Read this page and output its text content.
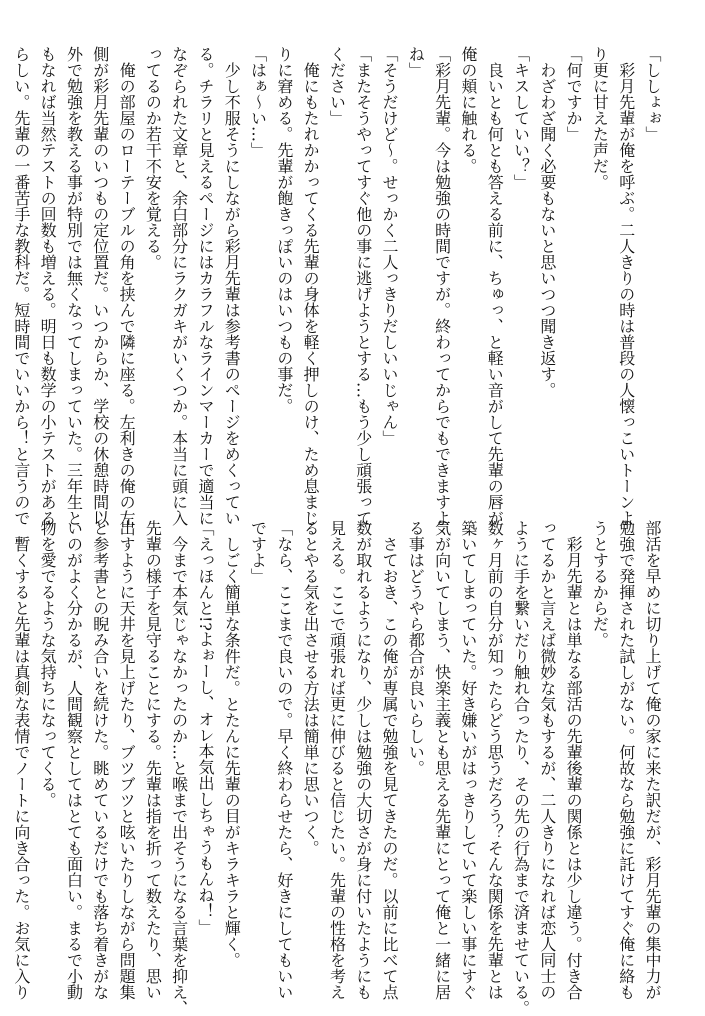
「ししょぉ」
　彩月先輩が俺を呼ぶ。二人きりの時は普段の人懐っこいトーンよ
り更に甘えた声だ。
「何ですか」
　わざわざ聞く必要もないと思いつつ聞き返す。
「キスしていい？」
　良いとも何とも答える前に、ちゅっ、と軽い音がして先輩の唇が
俺の頬に触れる。
「彩月先輩。今は勉強の時間ですが。終わってからでもできますよ
ね」
「そうだけど〜。せっかく二人っきりだしいいじゃん」
「またそうやってすぐ他の事に逃げようとする…もう少し頑張って
ください」
　俺にもたれかかってくる先輩の身体を軽く押しのけ、ため息まじ
りに窘める。先輩が飽きっぽいのはいつもの事だ。
「はぁ〜い…」
　少し不服そうにしながら彩月先輩は参考書のページをめくってい
る。チラリと見えるページにはカラフルなラインマーカーで適当に
なぞられた文章と、余白部分にラクガキがいくつか。本当に頭に入
ってるのか若干不安を覚える。
　俺の部屋のローテーブルの角を挟んで隣に座る。左利きの俺の左
側が彩月先輩のいつもの定位置だ。いつからか、学校の休憩時間以
外で勉強を教える事が特別では無くなってしまっていた。三年生と
もなれば当然テストの回数も増える。明日も数学の小テストがある
らしい。先輩の一番苦手な教科だ。短時間でいいから！と言うので
部活を早めに切り上げて俺の家に来た訳だが、彩月先輩の集中力が
勉強で発揮された試しがない。何故なら勉強に託けてすぐ俺に絡も
うとするからだ。
　彩月先輩とは単なる部活の先輩後輩の関係とは少し違う。付き合
ってるかと言えば微妙な気もするが、二人きりになれば恋人同士の
ように手を繋いだり触れ合ったり、その先の行為まで済ませている。
数ヶ月前の自分が知ったらどう思うだろう？そんな関係を先輩とは
築いてしまっていた。好き嫌いがはっきりしていて楽しい事にすぐ
気が向いてしまう、快楽主義とも思える先輩にとって俺と一緒に居
る事はどうやら都合が良いらしい。
　さておき、この俺が専属で勉強を見てきたのだ。以前に比べて点
数が取れるようになり、少しは勉強の大切さが身に付いたようにも
見える。ここで頑張れば更に伸びると信じたい。先輩の性格を考え
るとやる気を出させる方法は簡単に思いつく。
「なら、ここまで良いので。早く終わらせたら、好きにしてもいい
ですよ」
　しごく簡単な条件だ。とたんに先輩の目がキラキラと輝く。
「えっほんと!?よぉーし、オレ本気出しちゃうもんね！」
　今まで本気じゃなかったのか…と喉まで出そうになる言葉を抑え、
先輩の様子を見守ることにする。先輩は指を折って数えたり、思い
出すように天井を見上げたり、ブツブツと呟いたりしながら問題集
と参考書との睨み合いを続けた。眺めているだけでも落ち着きがな
いのがよく分かるが、人間観察としてはとても面白い。まるで小動
物を愛でるような気持ちになってくる。
　暫くすると先輩は真剣な表情でノートに向き合った。お気に入り
